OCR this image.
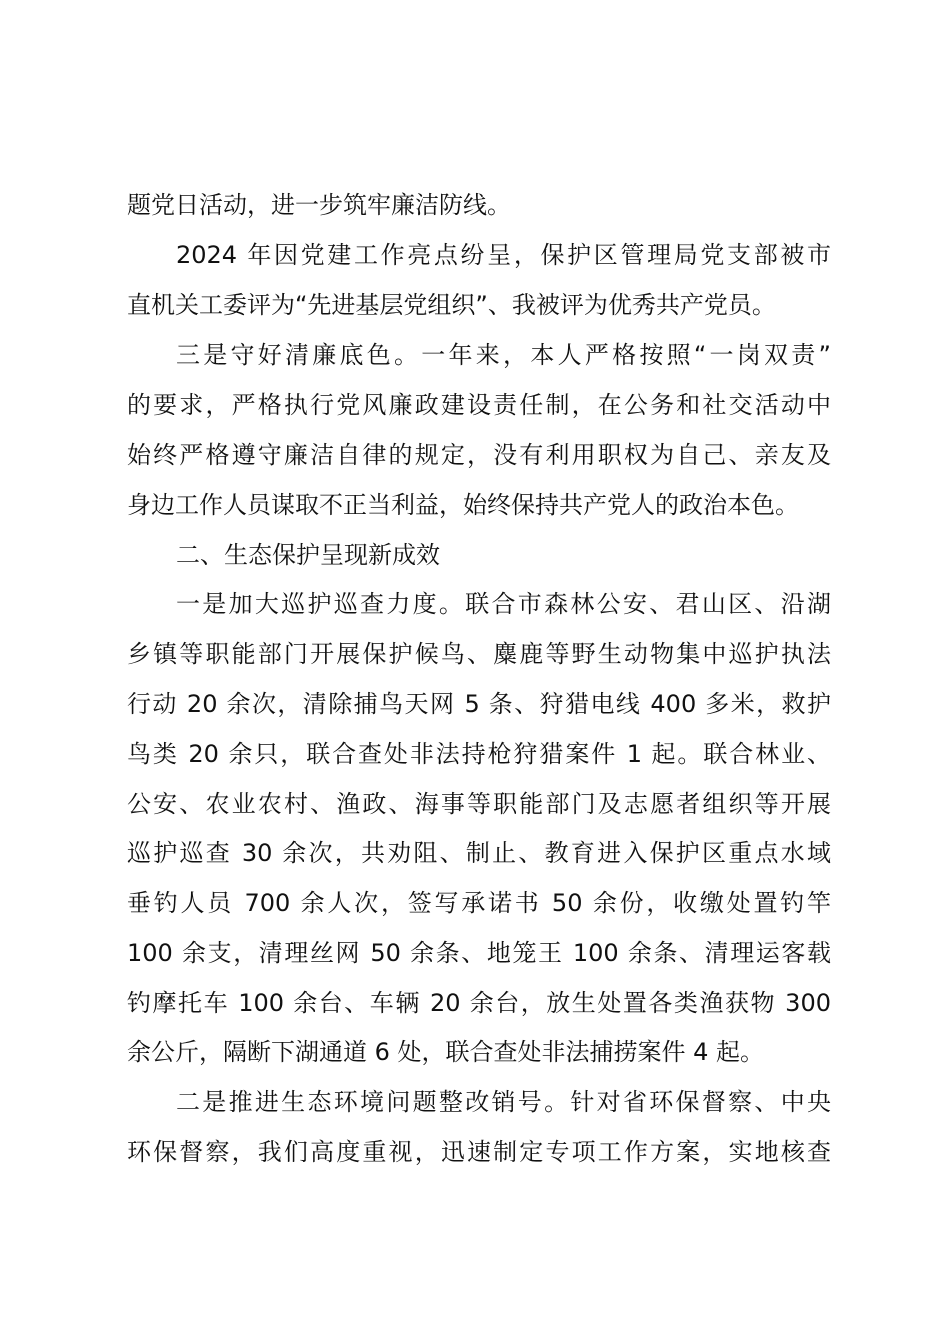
题党日活动，进一步筑牢廉洁防线。
2024 年因党建工作亮点纷呈，保护区管理局党支部被市
直机关工委评为“先进基层党组织”、我被评为优秀共产党员。
三是守好清廉底色。一年来，本人严格按照“一岗双责”
的要求，严格执行党风廉政建设责任制，在公务和社交活动中
始终严格遵守廉洁自律的规定，没有利用职权为自己、亲友及
身边工作人员谋取不正当利益，始终保持共产党人的政治本色。
二、生态保护呈现新成效
一是加大巡护巡查力度。联合市森林公安、君山区、沿湖
乡镇等职能部门开展保护候鸟、麋鹿等野生动物集中巡护执法
行动 20 余次，清除捕鸟天网 5 条、狩猎电线 400 多米，救护
鸟类 20 余只，联合查处非法持枪狩猎案件 1 起。联合林业、
公安、农业农村、渔政、海事等职能部门及志愿者组织等开展
巡护巡查 30 余次，共劝阻、制止、教育进入保护区重点水域
垂钓人员 700 余人次，签写承诺书 50 余份，收缴处置钓竿
100 余支，清理丝网 50 余条、地笼王 100 余条、清理运客载
钓摩托车 100 余台、车辆 20 余台，放生处置各类渔获物 300
余公斤，隔断下湖通道 6 处，联合查处非法捕捞案件 4 起。
二是推进生态环境问题整改销号。针对省环保督察、中央
环保督察，我们高度重视，迅速制定专项工作方案，实地核查
